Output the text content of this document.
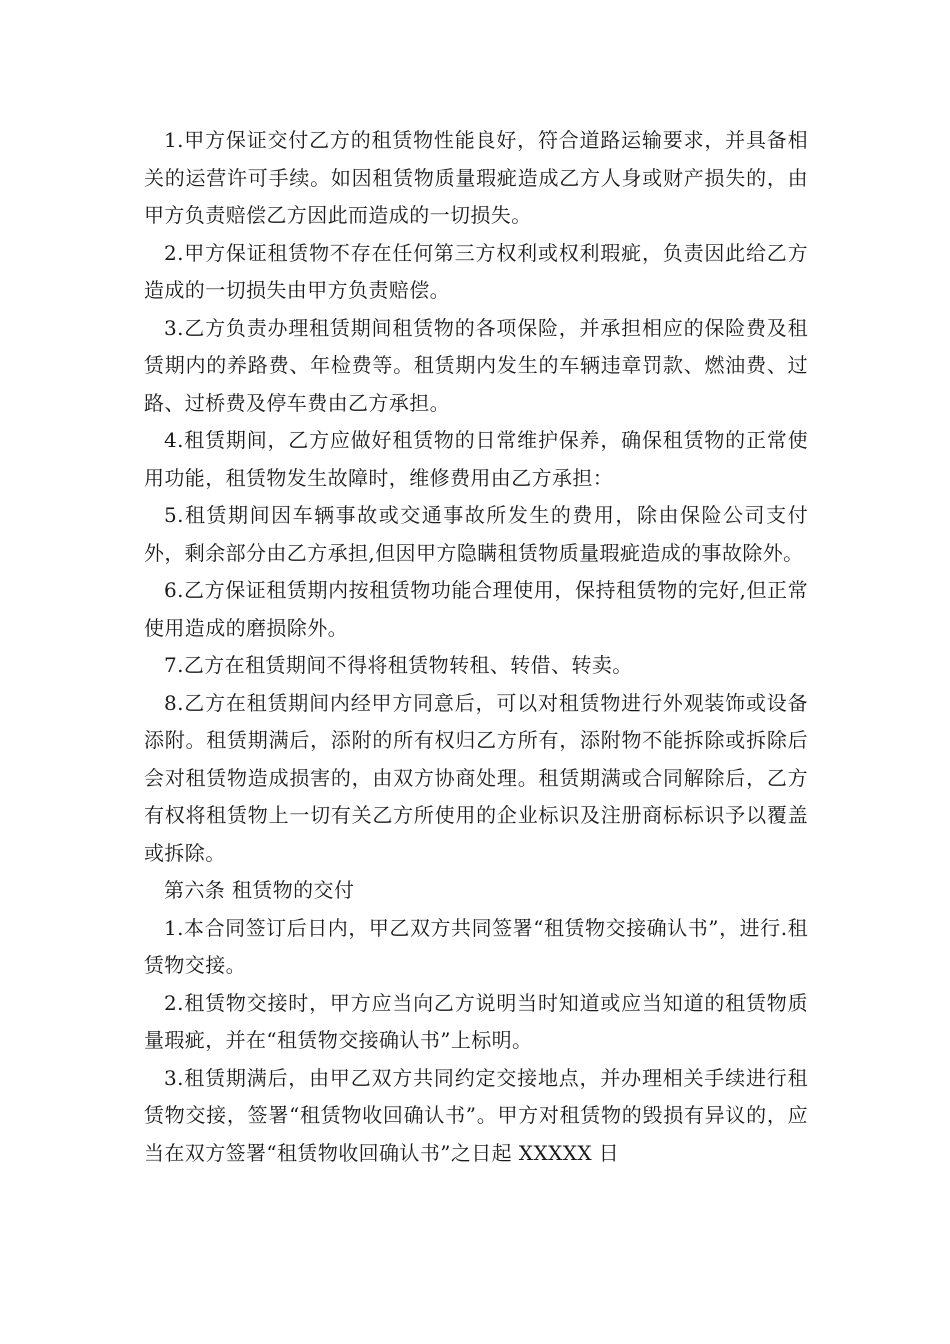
1.甲方保证交付乙方的租赁物性能良好，符合道路运输要求，并具备相关的运营许可手续。如因租赁物质量瑕疵造成乙方人身或财产损失的，由甲方负责赔偿乙方因此而造成的一切损失。

2.甲方保证租赁物不存在任何第三方权利或权利瑕疵，负责因此给乙方造成的一切损失由甲方负责赔偿。

3.乙方负责办理租赁期间租赁物的各项保险，并承担相应的保险费及租赁期内的养路费、年检费等。租赁期内发生的车辆违章罚款、燃油费、过路、过桥费及停车费由乙方承担。

4.租赁期间，乙方应做好租赁物的日常维护保养，确保租赁物的正常使用功能，租赁物发生故障时，维修费用由乙方承担：

5.租赁期间因车辆事故或交通事故所发生的费用，除由保险公司支付外，剩余部分由乙方承担,但因甲方隐瞒租赁物质量瑕疵造成的事故除外。

6.乙方保证租赁期内按租赁物功能合理使用，保持租赁物的完好,但正常使用造成的磨损除外。

7.乙方在租赁期间不得将租赁物转租、转借、转卖。

8.乙方在租赁期间内经甲方同意后，可以对租赁物进行外观装饰或设备添附。租赁期满后，添附的所有权归乙方所有，添附物不能拆除或拆除后会对租赁物造成损害的，由双方协商处理。租赁期满或合同解除后，乙方有权将租赁物上一切有关乙方所使用的企业标识及注册商标标识予以覆盖或拆除。

第六条 租赁物的交付

1.本合同签订后日内，甲乙双方共同签署“租赁物交接确认书”，进行.租赁物交接。

2.租赁物交接时，甲方应当向乙方说明当时知道或应当知道的租赁物质量瑕疵，并在“租赁物交接确认书”上标明。

3.租赁期满后，由甲乙双方共同约定交接地点，并办理相关手续进行租赁物交接，签署“租赁物收回确认书”。甲方对租赁物的毁损有异议的，应当在双方签署“租赁物收回确认书”之日起 XXXXX 日
